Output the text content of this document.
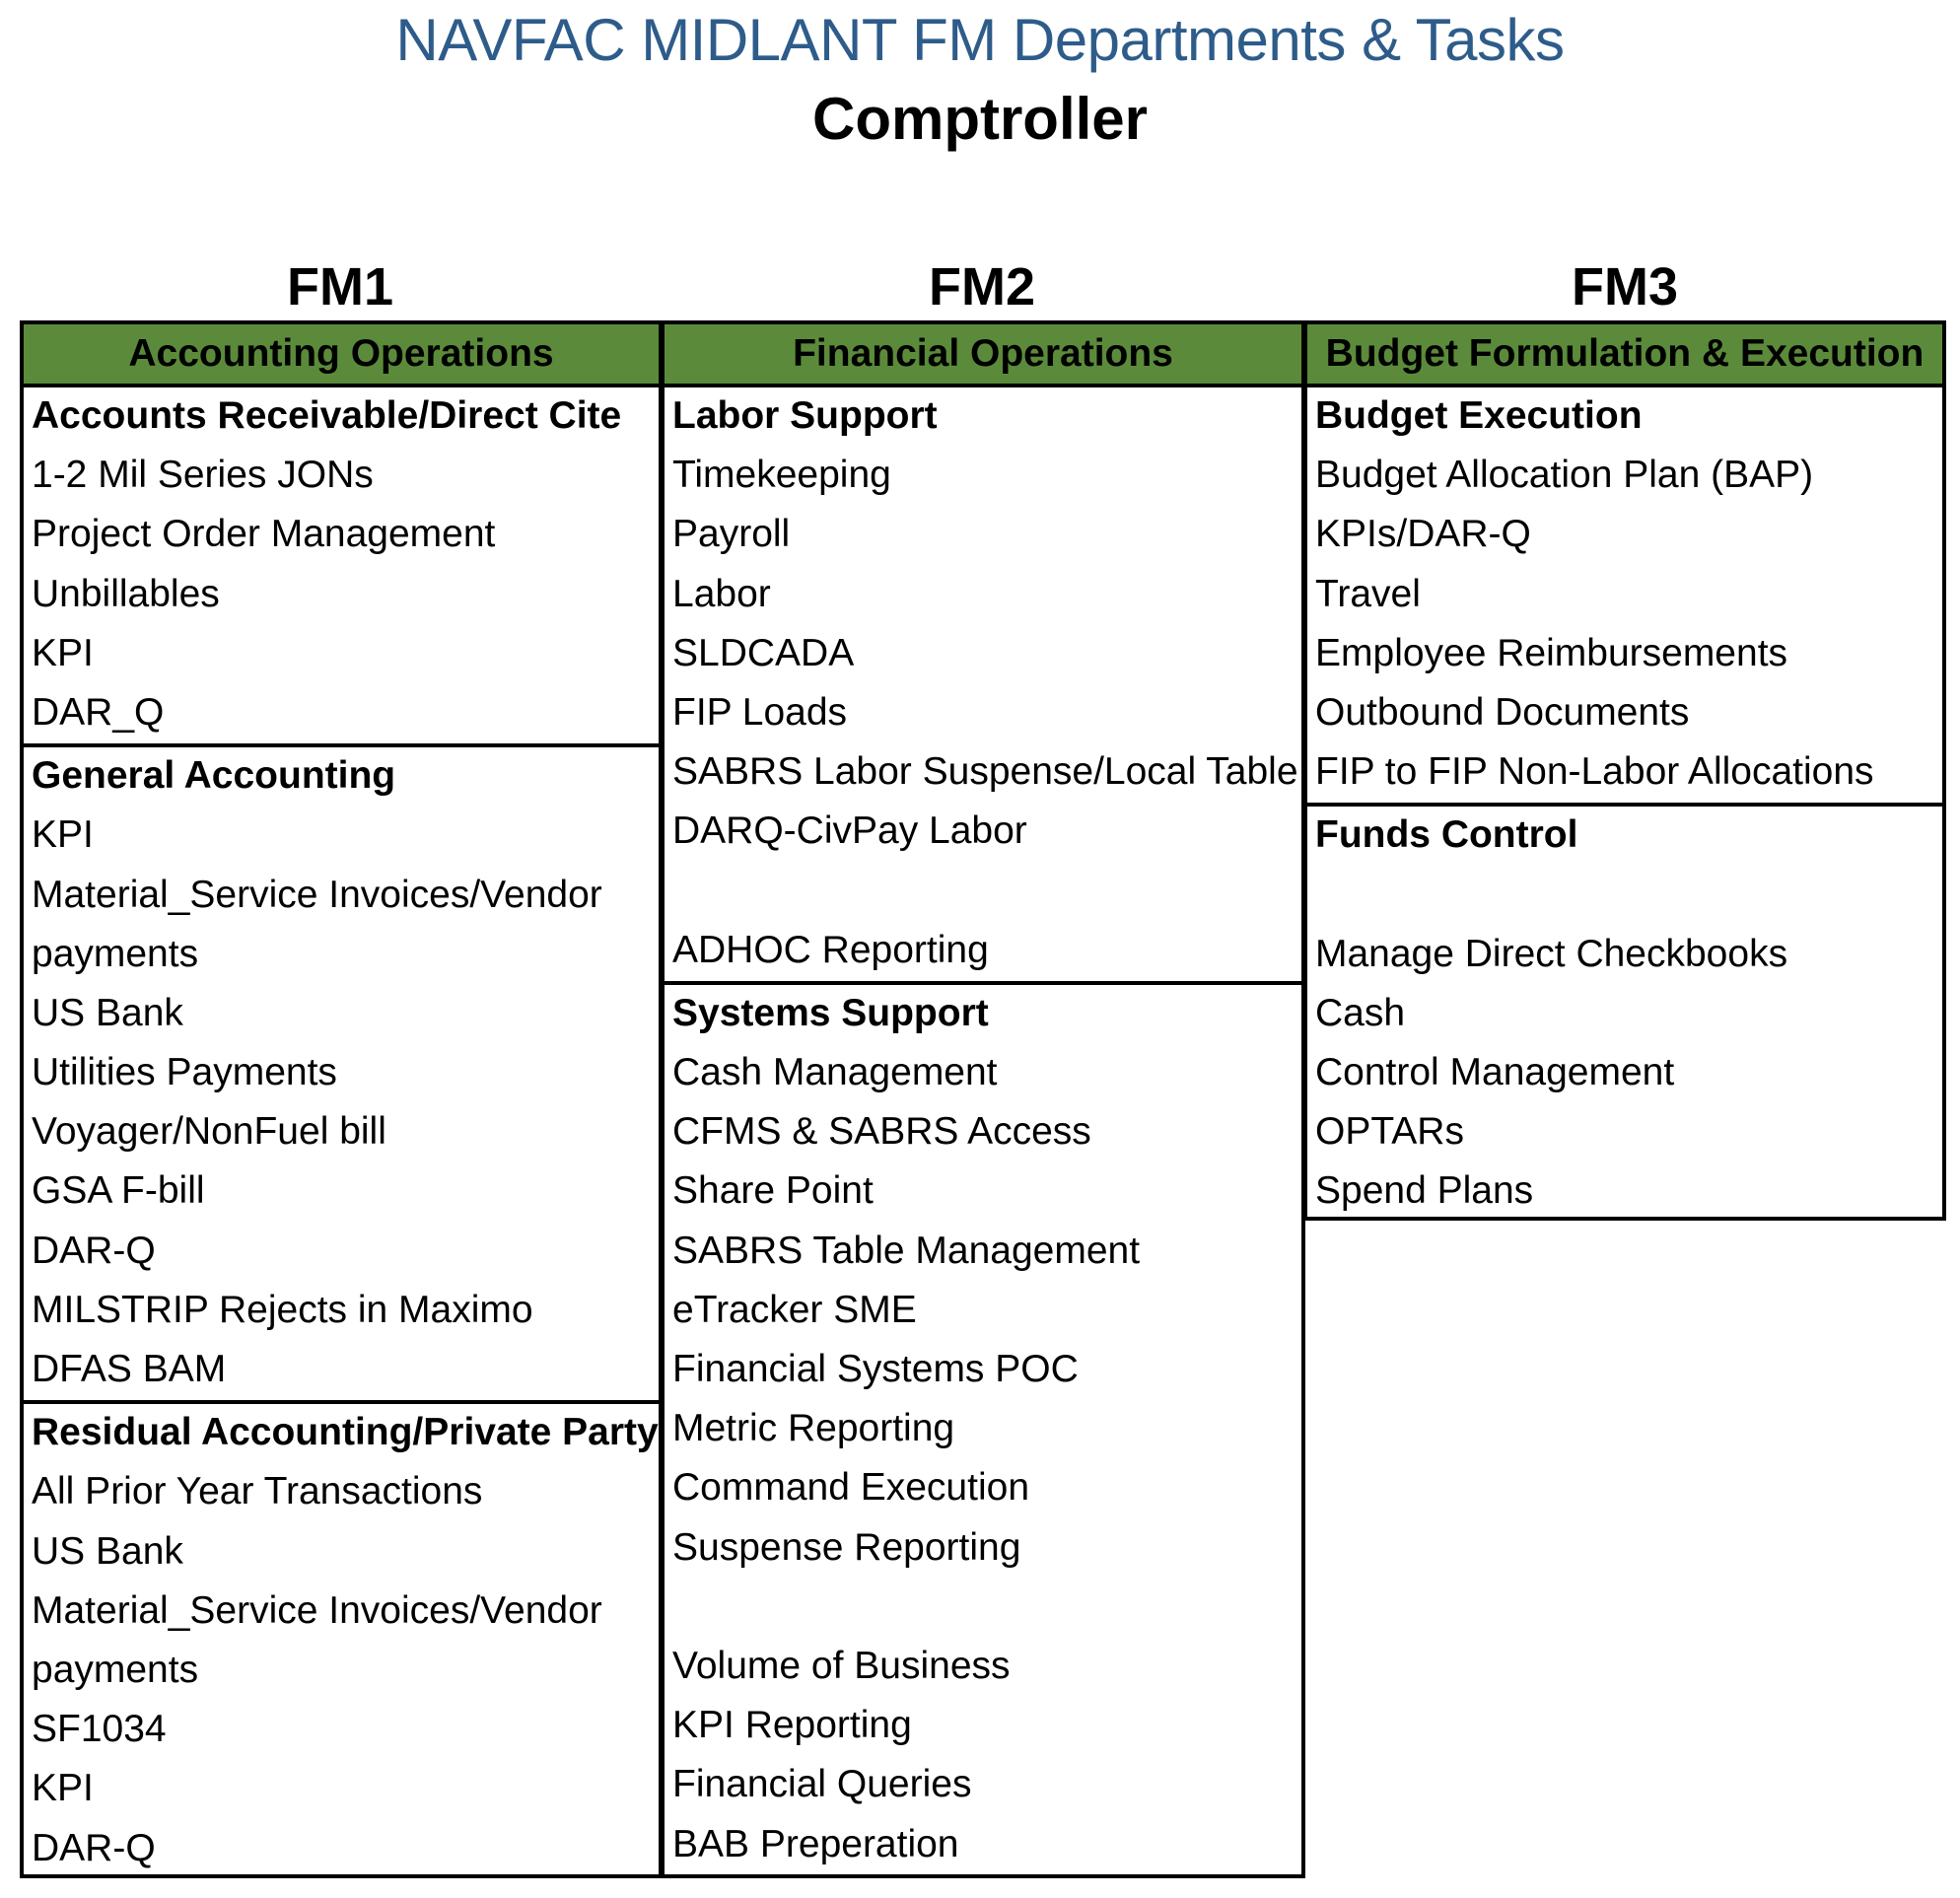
NAVFAC MIDLANT FM Departments & Tasks
Comptroller
FM1	FM2	FM3
Accounting Operations
Accounts Receivable/Direct Cite
1-2 Mil Series JONs
Project Order Management
Unbillables
KPI
DAR_Q
General Accounting
KPI
Material_Service Invoices/Vendor
payments
US Bank
Utilities Payments
Voyager/NonFuel bill
GSA F-bill
DAR-Q
MILSTRIP Rejects in Maximo
DFAS BAM
Residual Accounting/Private Party
All Prior Year Transactions
US Bank
Material_Service Invoices/Vendor
payments
SF1034
KPI
DAR-Q
Financial Operations
Labor Support
Timekeeping
Payroll
Labor
SLDCADA
FIP Loads
SABRS Labor Suspense/Local Table
DARQ-CivPay Labor
ADHOC Reporting
Systems Support
Cash Management
CFMS & SABRS Access
Share Point
SABRS Table Management
eTracker SME
Financial Systems POC
Metric Reporting
Command Execution
Suspense Reporting
Volume of Business
KPI Reporting
Financial Queries
BAB Preperation
Budget Formulation & Execution
Budget Execution
Budget Allocation Plan (BAP)
KPIs/DAR-Q
Travel
Employee Reimbursements
Outbound Documents
FIP to FIP Non-Labor Allocations
Funds Control
Manage Direct Checkbooks
Cash
Control Management
OPTARs
Spend Plans
